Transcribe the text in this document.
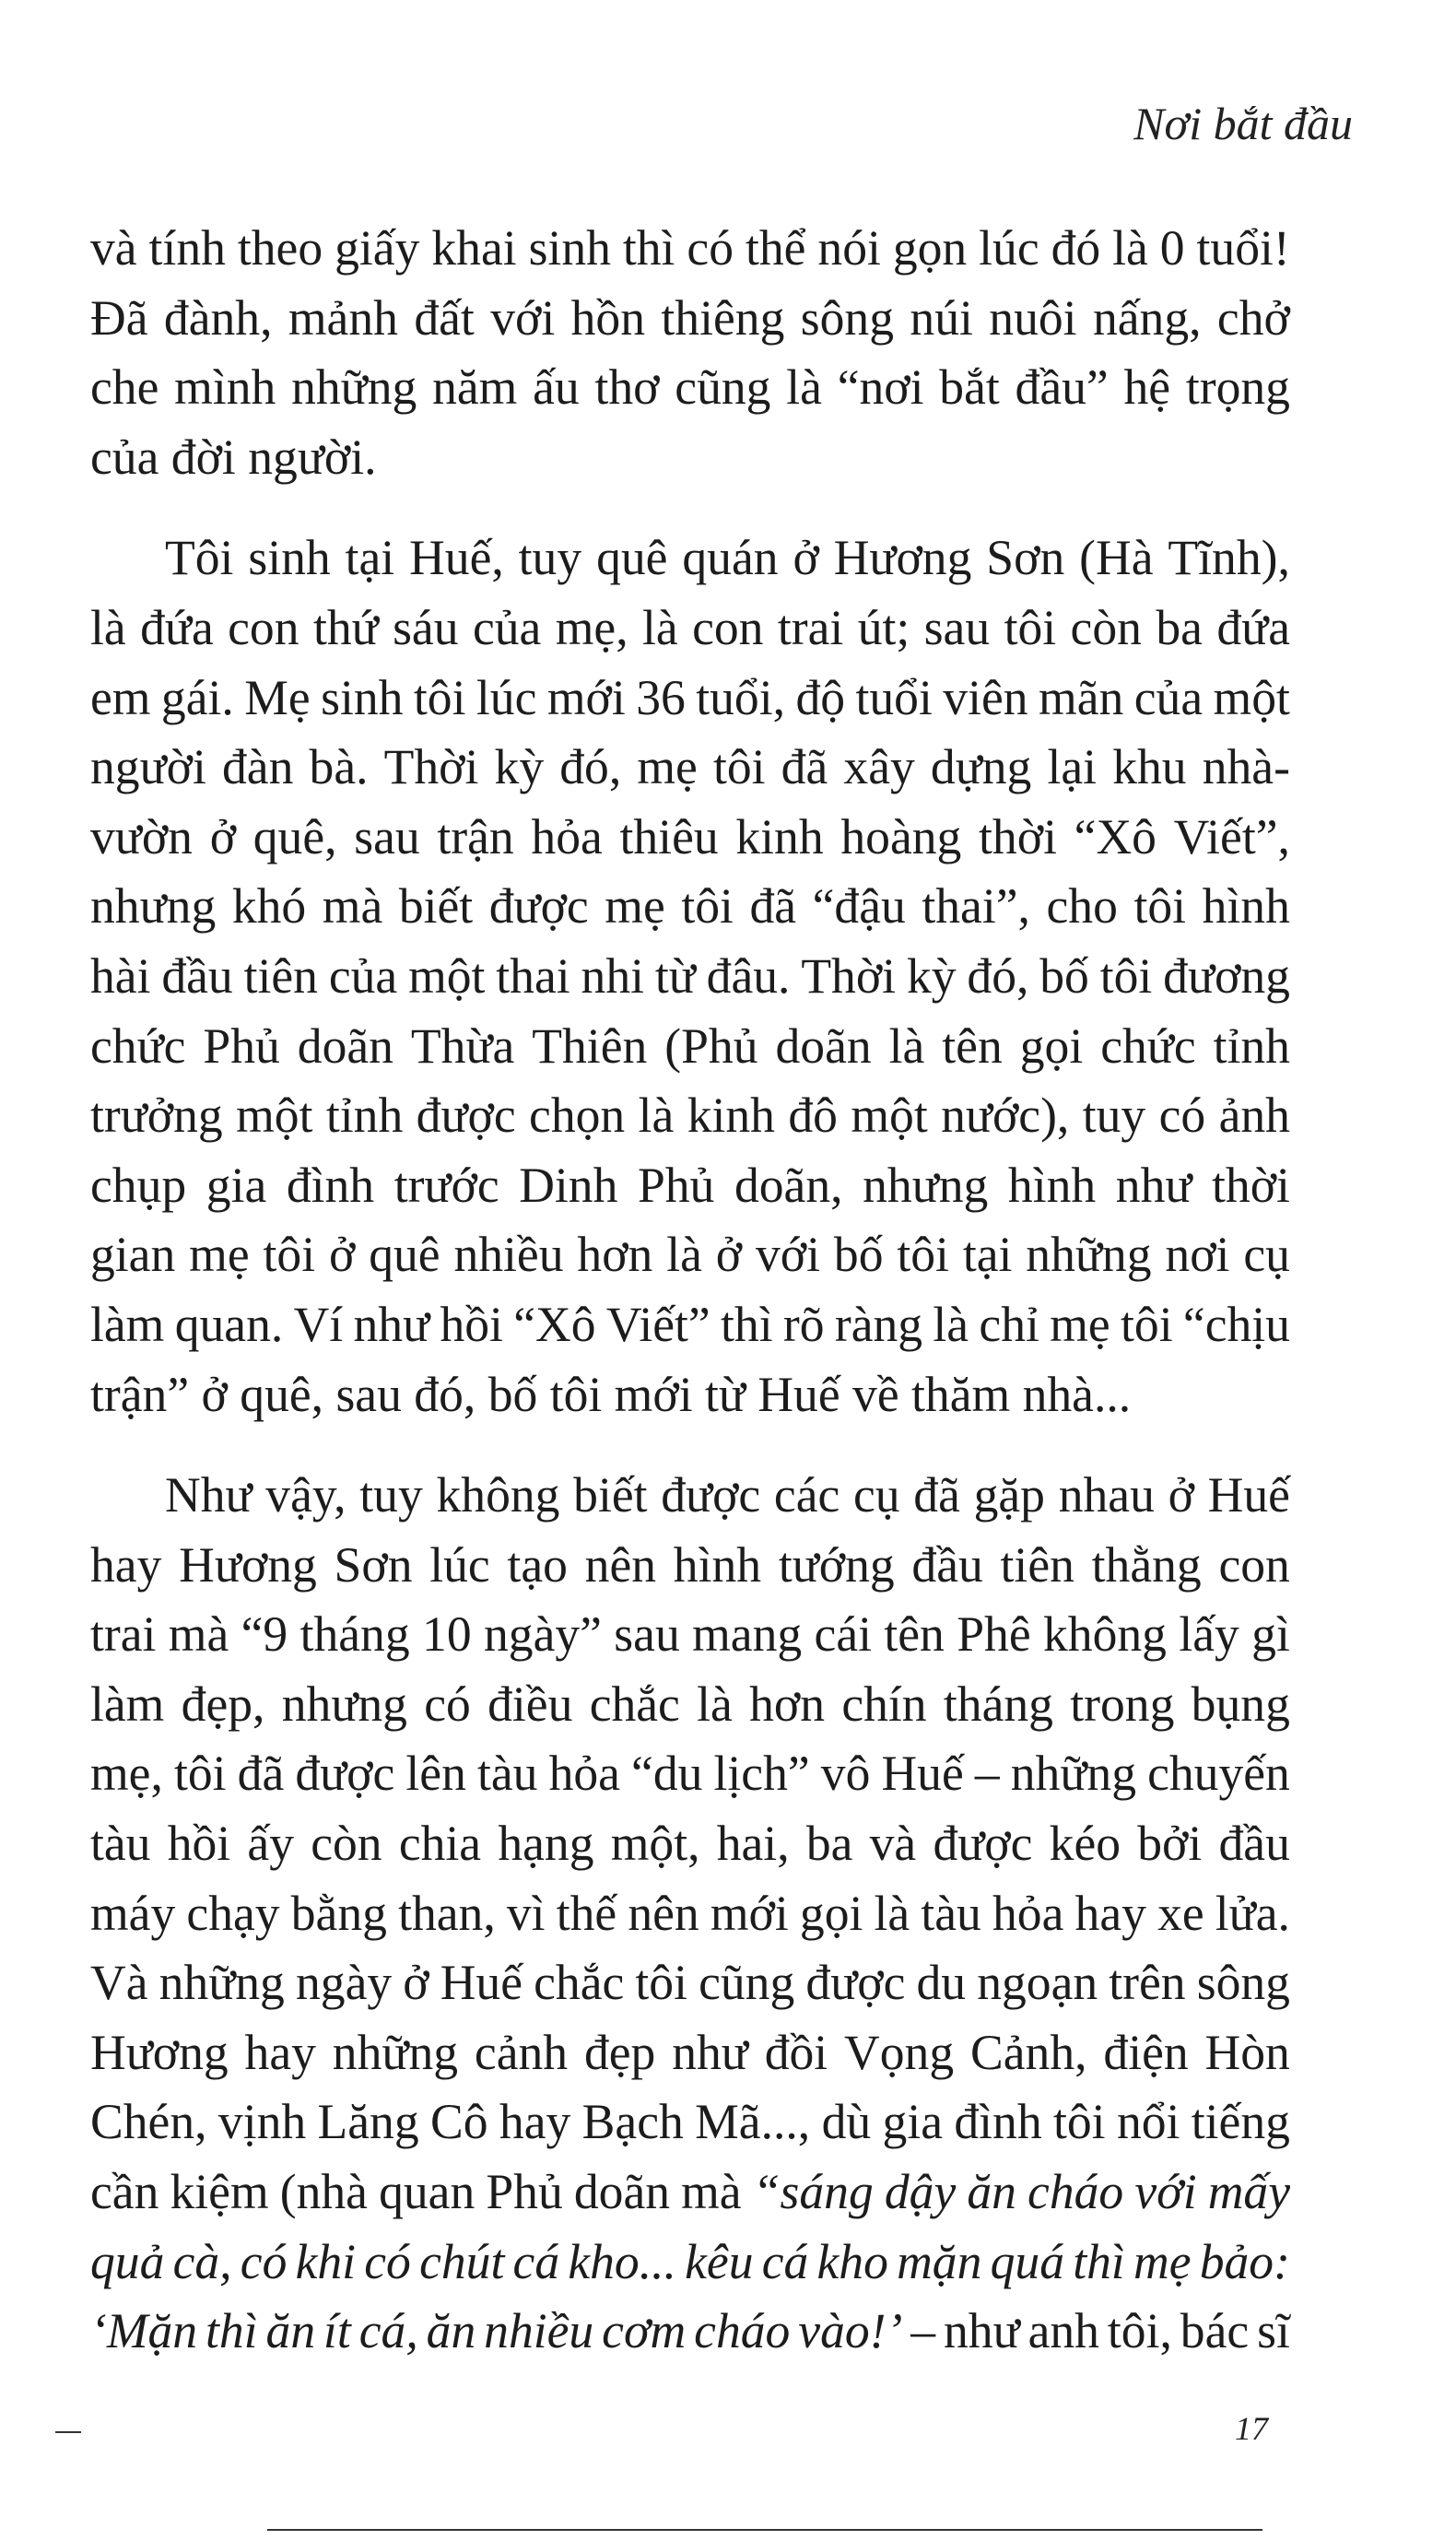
Nơi bắt đầu
và tính theo giấy khai sinh thì có thể nói gọn lúc đó là 0 tuổi!
Đã đành, mảnh đất với hồn thiêng sông núi nuôi nấng, chở
che mình những năm ấu thơ cũng là “nơi bắt đầu” hệ trọng
của đời người.
Tôi sinh tại Huế, tuy quê quán ở Hương Sơn (Hà Tĩnh),
là đứa con thứ sáu của mẹ, là con trai út; sau tôi còn ba đứa
em gái. Mẹ sinh tôi lúc mới 36 tuổi, độ tuổi viên mãn của một
người đàn bà. Thời kỳ đó, mẹ tôi đã xây dựng lại khu nhà-
vườn ở quê, sau trận hỏa thiêu kinh hoàng thời “Xô Viết”,
nhưng khó mà biết được mẹ tôi đã “đậu thai”, cho tôi hình
hài đầu tiên của một thai nhi từ đâu. Thời kỳ đó, bố tôi đương
chức Phủ doãn Thừa Thiên (Phủ doãn là tên gọi chức tỉnh
trưởng một tỉnh được chọn là kinh đô một nước), tuy có ảnh
chụp gia đình trước Dinh Phủ doãn, nhưng hình như thời
gian mẹ tôi ở quê nhiều hơn là ở với bố tôi tại những nơi cụ
làm quan. Ví như hồi “Xô Viết” thì rõ ràng là chỉ mẹ tôi “chịu
trận” ở quê, sau đó, bố tôi mới từ Huế về thăm nhà...
Như vậy, tuy không biết được các cụ đã gặp nhau ở Huế
hay Hương Sơn lúc tạo nên hình tướng đầu tiên thằng con
trai mà “9 tháng 10 ngày” sau mang cái tên Phê không lấy gì
làm đẹp, nhưng có điều chắc là hơn chín tháng trong bụng
mẹ, tôi đã được lên tàu hỏa “du lịch” vô Huế – những chuyến
tàu hồi ấy còn chia hạng một, hai, ba và được kéo bởi đầu
máy chạy bằng than, vì thế nên mới gọi là tàu hỏa hay xe lửa.
Và những ngày ở Huế chắc tôi cũng được du ngoạn trên sông
Hương hay những cảnh đẹp như đồi Vọng Cảnh, điện Hòn
Chén, vịnh Lăng Cô hay Bạch Mã..., dù gia đình tôi nổi tiếng
cần kiệm (nhà quan Phủ doãn mà “sáng dậy ăn cháo với mấy
quả cà, có khi có chút cá kho... kêu cá kho mặn quá thì mẹ bảo:
‘Mặn thì ăn ít cá, ăn nhiều cơm cháo vào!’ – như anh tôi, bác sĩ
17
